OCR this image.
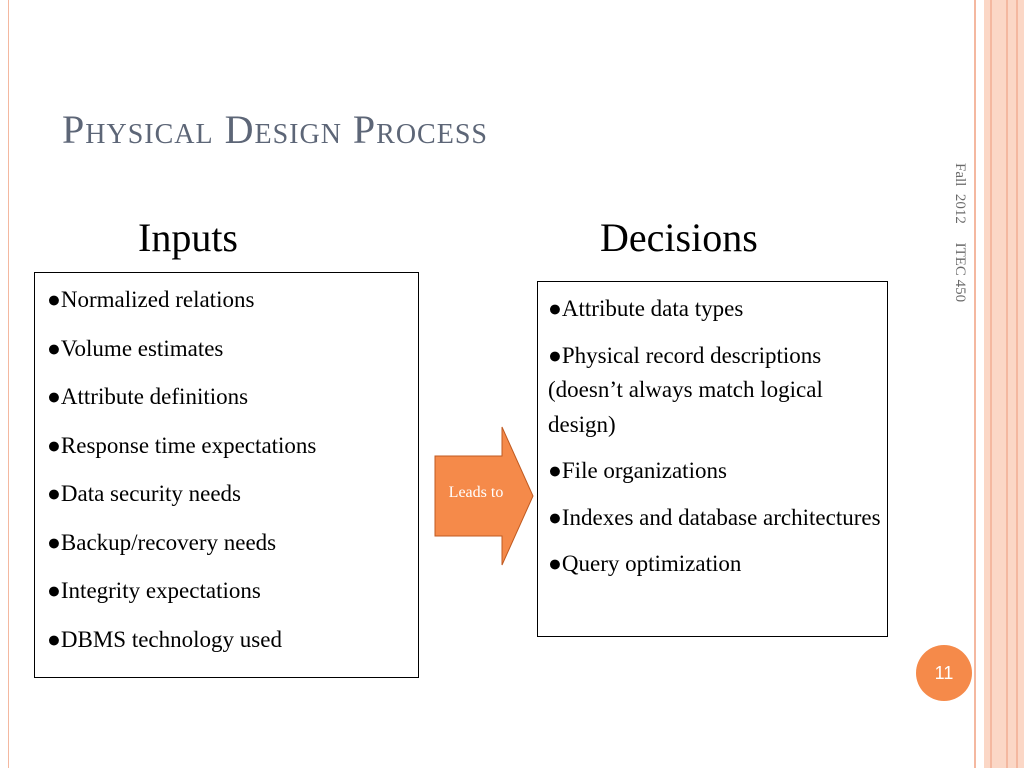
Physical Design Process
Inputs	Decisions

●Normalized relations

●Volume estimates

●Attribute definitions

●Response time expectations

●Data security needs

●Backup/recovery needs

●Integrity expectations

●DBMS technology used

Leads to

●Attribute data types

●Physical record descriptions (doesn’t always match logical design)

●File organizations

●Indexes and database architectures

●Query optimization

Fall  2012     ITEC 450
11
